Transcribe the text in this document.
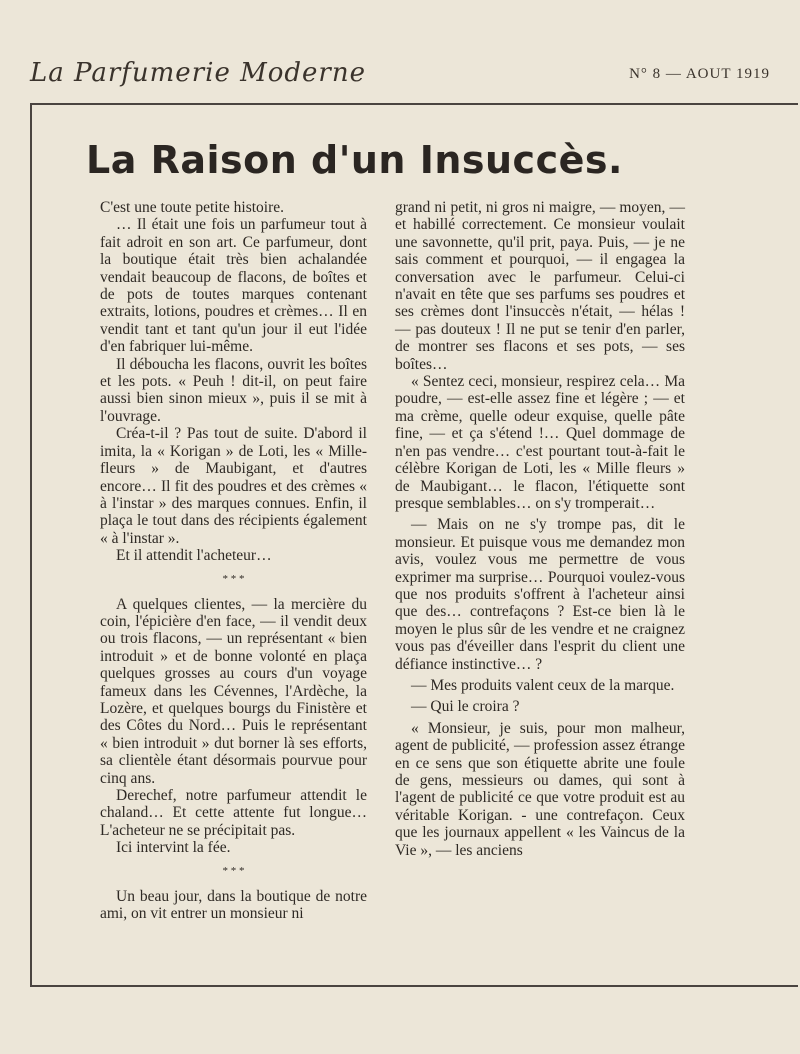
La Parfumerie Moderne	N° 8 — AOUT 1919
La Raison d'un Insuccès.

C'est une toute petite histoire.

… Il était une fois un parfumeur tout à fait adroit en son art. Ce parfumeur, dont la boutique était très bien achalandée vendait beaucoup de flacons, de boîtes et de pots de toutes marques contenant extraits, lotions, poudres et crèmes… Il en vendit tant et tant qu'un jour il eut l'idée d'en fabriquer lui-même.

Il déboucha les flacons, ouvrit les boîtes et les pots. « Peuh ! dit-il, on peut faire aussi bien sinon mieux », puis il se mit à l'ouvrage.

Créa-t-il ? Pas tout de suite. D'abord il imita, la « Korigan » de Loti, les « Mille-fleurs » de Maubigant, et d'autres encore… Il fit des poudres et des crèmes « à l'instar » des marques connues. Enfin, il plaça le tout dans des récipients également « à l'instar ».

Et il attendit l'acheteur…

* * *

A quelques clientes, — la mercière du coin, l'épicière d'en face, — il vendit deux ou trois flacons, — un représentant « bien introduit » et de bonne volonté en plaça quelques grosses au cours d'un voyage fameux dans les Cévennes, l'Ardèche, la Lozère, et quelques bourgs du Finistère et des Côtes du Nord… Puis le représentant « bien introduit » dut borner là ses efforts, sa clientèle étant désormais pourvue pour cinq ans.

Derechef, notre parfumeur attendit le chaland… Et cette attente fut longue… L'acheteur ne se précipitait pas.

Ici intervint la fée.

* * *

Un beau jour, dans la boutique de notre ami, on vit entrer un monsieur ni

grand ni petit, ni gros ni maigre, — moyen, — et habillé correctement. Ce monsieur voulait une savonnette, qu'il prit, paya. Puis, — je ne sais comment et pourquoi, — il engagea la conversation avec le parfumeur. Celui-ci n'avait en tête que ses parfums ses poudres et ses crèmes dont l'insuccès n'était, — hélas ! — pas douteux ! Il ne put se tenir d'en parler, de montrer ses flacons et ses pots, — ses boîtes…

« Sentez ceci, monsieur, respirez cela… Ma poudre, — est-elle assez fine et légère ; — et ma crème, quelle odeur exquise, quelle pâte fine, — et ça s'étend !… Quel dommage de n'en pas vendre… c'est pourtant tout-à-fait le célèbre Korigan de Loti, les « Mille fleurs » de Maubigant… le flacon, l'étiquette sont presque semblables… on s'y tromperait…

— Mais on ne s'y trompe pas, dit le monsieur. Et puisque vous me demandez mon avis, voulez vous me permettre de vous exprimer ma surprise… Pourquoi voulez-vous que nos produits s'offrent à l'acheteur ainsi que des… contrefaçons ? Est-ce bien là le moyen le plus sûr de les vendre et ne craignez vous pas d'éveiller dans l'esprit du client une défiance instinctive… ?

— Mes produits valent ceux de la marque.

— Qui le croira ?

« Monsieur, je suis, pour mon malheur, agent de publicité, — profession assez étrange en ce sens que son étiquette abrite une foule de gens, messieurs ou dames, qui sont à l'agent de publicité ce que votre produit est au véritable Korigan. - une contrefaçon. Ceux que les journaux appellent « les Vaincus de la Vie », — les anciens
